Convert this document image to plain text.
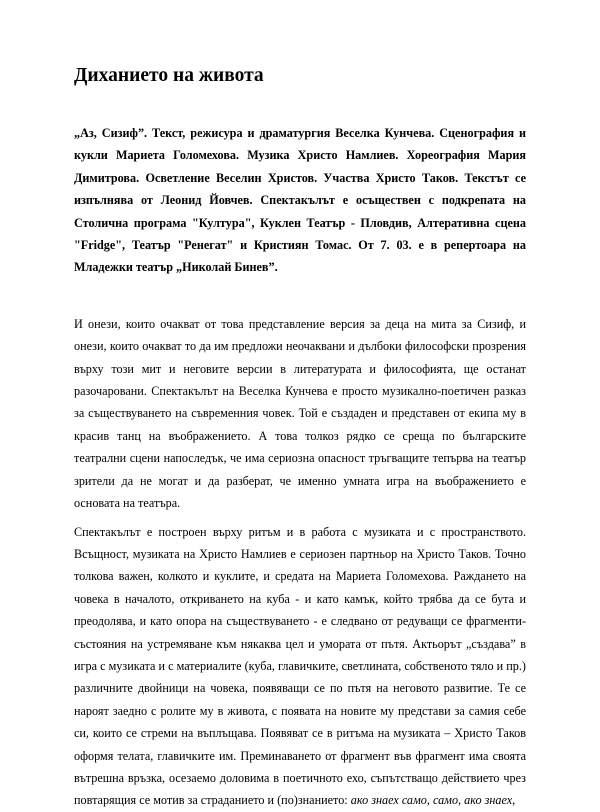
Диханието на живота

„Аз, Сизиф”. Текст, режисура и драматургия Веселка Кунчева. Сценография и кукли Мариета Голомехова. Музика Христо Намлиев. Хореография Мария Димитрова. Осветление Веселин Христов. Участва Христо Таков. Текстът се изпълнява от Леонид Йовчев. Спектакълът е осъществен с подкрепата на Столична програма "Култура", Куклен Театър - Пловдив, Алтеративна сцена "Fridge", Театър "Ренегат" и Кристиян Томас. От 7. 03. е в репертоара на Младежки театър „Николай Бинев”.

И онези, които очакват от това представление версия за деца на мита за Сизиф, и онези, които очакват то да им предложи неочаквани и дълбоки философски прозрения върху този мит и неговите версии в литературата и философията, ще останат разочаровани. Спектакълът на Веселка Кунчева е просто музикално-поетичен разказ за съществуването на съвременния човек. Той е създаден и представен от екипа му в красив танц на въображението. А това толкоз рядко се среща по българските театрални сцени напоследък, че има сериозна опасност тръгващите тепърва на театър зрители да не могат и да разберат, че именно умната игра на въображението е основата на театъра.

Спектакълът е построен върху ритъм и в работа с музиката и с пространството. Всъщност, музиката на Христо Намлиев е сериозен партньор на Христо Таков. Точно толкова важен, колкото и куклите, и средата на Мариета Голомехова. Раждането на човека в началото, откриването на куба - и като камък, който трябва да се бута и преодолява, и като опора на съществуването - е следвано от редуващи се фрагменти-състояния на устремяване към някаква цел и умората от пътя. Актьорът „създава” в игра с музиката и с материалите (куба, главичките, светлината, собственото тяло и пр.) различните двойници на човека, появяващи се по пътя на неговото развитие. Те се нароят заедно с ролите му в живота, с появата на новите му представи за самия себе си, които се стреми на въплъщава. Появяват се в ритъма на музиката – Христо Таков оформя телата, главичките им. Преминаването от фрагмент във фрагмент има своята вътрешна връзка, осезаемо доловима в поетичното ехо, съпътстващо действието чрез повтарящия се мотив за страданието и (по)знанието: ако знаех само, само, ако знаех,
